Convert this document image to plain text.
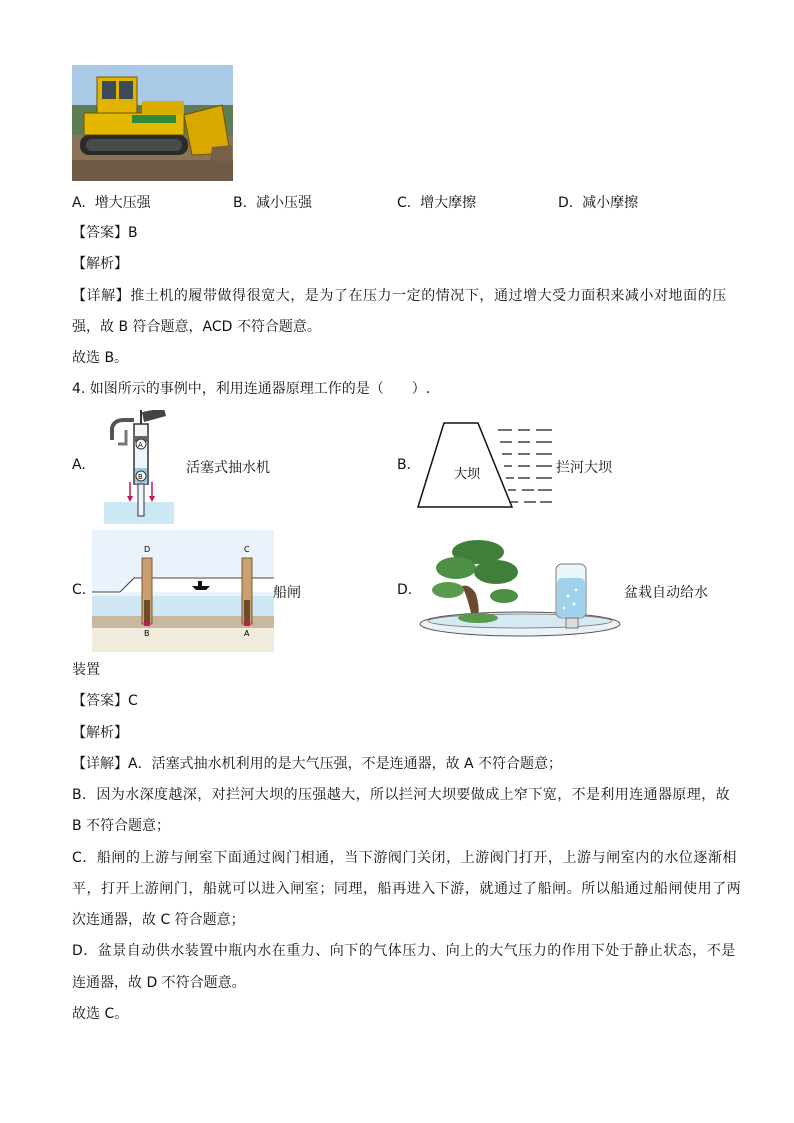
A. 增大压强	B. 减小压强	C. 增大摩擦	D. 减小摩擦
【答案】B
【解析】
【详解】推土机的履带做得很宽大，是为了在压力一定的情况下，通过增大受力面积来减小对地面的压
强，故 B 符合题意，ACD 不符合题意。
故选 B。
4. 如图所示的事例中，利用连通器原理工作的是（　　）.
A.
A
B
活塞式抽水机	B.
大坝	拦河大坝
C.
D	C
B	A
船闸	D.	盆栽自动给水
装置
【答案】C
【解析】
【详解】A．活塞式抽水机利用的是大气压强，不是连通器，故 A 不符合题意；
B．因为水深度越深，对拦河大坝的压强越大，所以拦河大坝要做成上窄下宽，不是利用连通器原理，故
B 不符合题意；
C．船闸的上游与闸室下面通过阀门相通，当下游阀门关闭，上游阀门打开，上游与闸室内的水位逐渐相
平，打开上游闸门，船就可以进入闸室；同理，船再进入下游，就通过了船闸。所以船通过船闸使用了两
次连通器，故 C 符合题意；
D．盆景自动供水装置中瓶内水在重力、向下的气体压力、向上的大气压力的作用下处于静止状态，不是
连通器，故 D 不符合题意。
故选 C。
